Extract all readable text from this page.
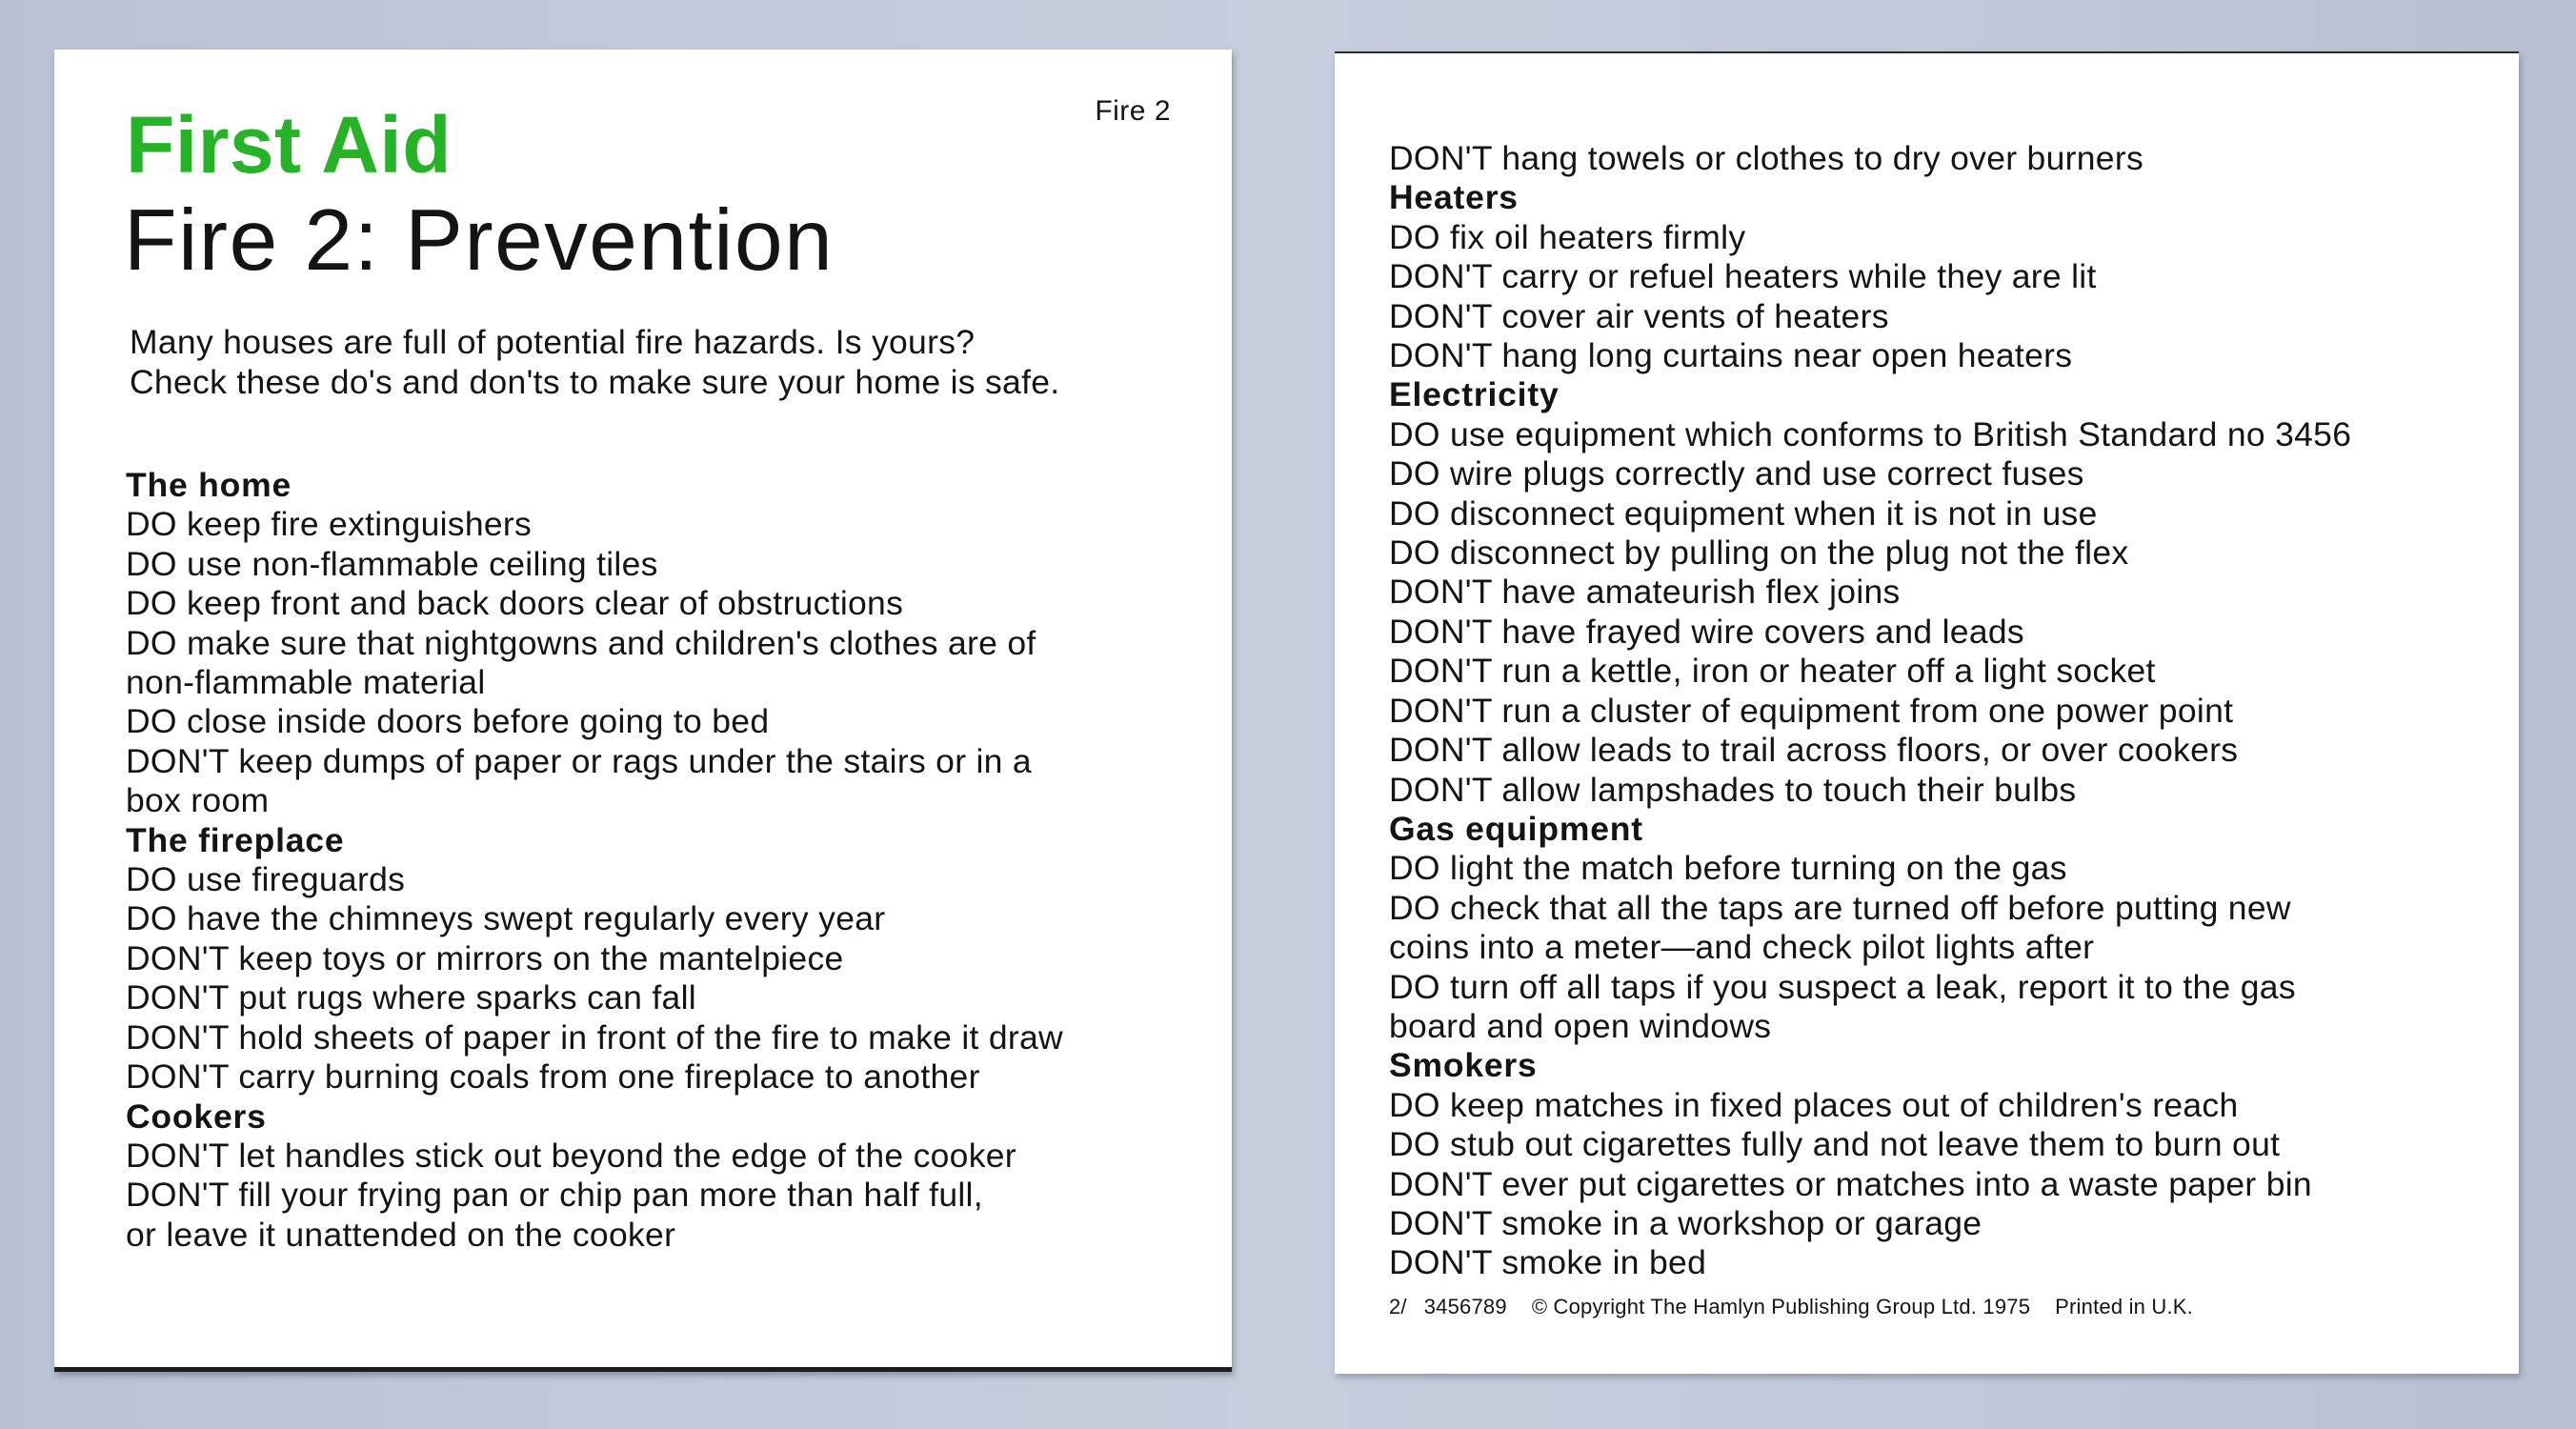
Fire 2
First Aid
Fire 2: Prevention
Many houses are full of potential fire hazards. Is yours?
Check these do's and don'ts to make sure your home is safe.
The home
DO keep fire extinguishers
DO use non-flammable ceiling tiles
DO keep front and back doors clear of obstructions
DO make sure that nightgowns and children's clothes are of
non-flammable material
DO close inside doors before going to bed
DON'T keep dumps of paper or rags under the stairs or in a
box room
The fireplace
DO use fireguards
DO have the chimneys swept regularly every year
DON'T keep toys or mirrors on the mantelpiece
DON'T put rugs where sparks can fall
DON'T hold sheets of paper in front of the fire to make it draw
DON'T carry burning coals from one fireplace to another
Cookers
DON'T let handles stick out beyond the edge of the cooker
DON'T fill your frying pan or chip pan more than half full,
or leave it unattended on the cooker
DON'T hang towels or clothes to dry over burners
Heaters
DO fix oil heaters firmly
DON'T carry or refuel heaters while they are lit
DON'T cover air vents of heaters
DON'T hang long curtains near open heaters
Electricity
DO use equipment which conforms to British Standard no 3456
DO wire plugs correctly and use correct fuses
DO disconnect equipment when it is not in use
DO disconnect by pulling on the plug not the flex
DON'T have amateurish flex joins
DON'T have frayed wire covers and leads
DON'T run a kettle, iron or heater off a light socket
DON'T run a cluster of equipment from one power point
DON'T allow leads to trail across floors, or over cookers
DON'T allow lampshades to touch their bulbs
Gas equipment
DO light the match before turning on the gas
DO check that all the taps are turned off before putting new
coins into a meter—and check pilot lights after
DO turn off all taps if you suspect a leak, report it to the gas
board and open windows
Smokers
DO keep matches in fixed places out of children's reach
DO stub out cigarettes fully and not leave them to burn out
DON'T ever put cigarettes or matches into a waste paper bin
DON'T smoke in a workshop or garage
DON'T smoke in bed
2/ 3456789 © Copyright The Hamlyn Publishing Group Ltd. 1975 Printed in U.K.
